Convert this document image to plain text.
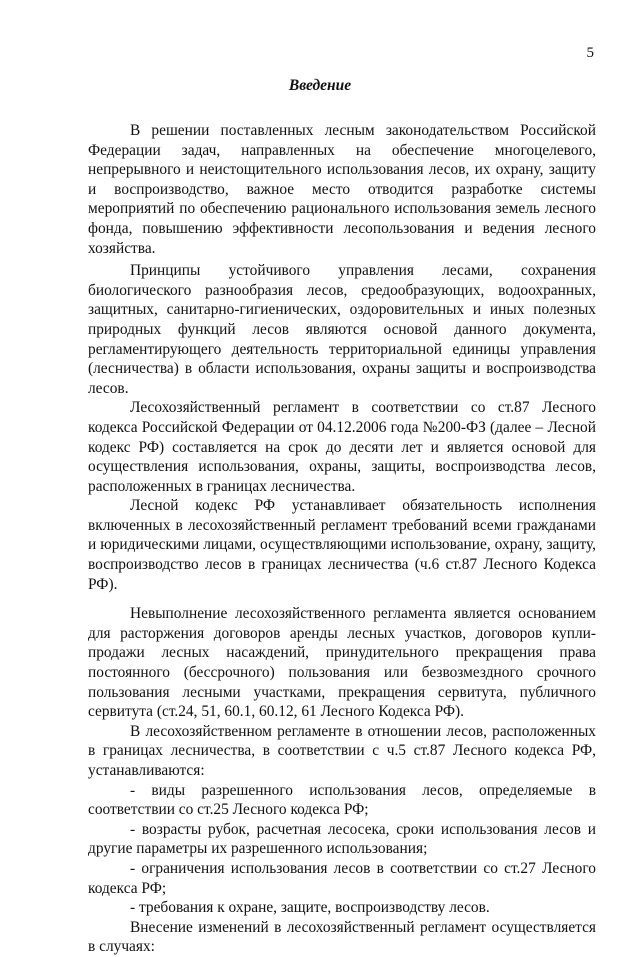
5
Введение

В решении поставленных лесным законодательством Российской Федерации задач, направленных на обеспечение многоцелевого, непрерывного и неистощительного использования лесов, их охрану, защиту и воспроизводство, важное место отводится разработке системы мероприятий по обеспечению рационального использования земель лесного фонда, повышению эффективности лесопользования и ведения лесного хозяйства.

Принципы устойчивого управления лесами, сохранения биологического разнообразия лесов, средообразующих, водоохранных, защитных, санитарно-гигиенических, оздоровительных и иных полезных природных функций лесов являются основой данного документа, регламентирующего деятельность территориальной единицы управления (лесничества) в области использования, охраны защиты и воспроизводства лесов.

Лесохозяйственный регламент в соответствии со ст.87 Лесного кодекса Российской Федерации от 04.12.2006 года №200-ФЗ (далее – Лесной кодекс РФ) составляется на срок до десяти лет и является основой для осуществления использования, охраны, защиты, воспроизводства лесов, расположенных в границах лесничества.

Лесной кодекс РФ устанавливает обязательность исполнения включенных в лесохозяйственный регламент требований всеми гражданами и юридическими лицами, осуществляющими использование, охрану, защиту, воспроизводство лесов в границах лесничества (ч.6 ст.87 Лесного Кодекса РФ).

Невыполнение лесохозяйственного регламента является основанием для расторжения договоров аренды лесных участков, договоров купли-продажи лесных насаждений, принудительного прекращения права постоянного (бессрочного) пользования или безвозмездного срочного пользования лесными участками, прекращения сервитута, публичного сервитута (ст.24, 51, 60.1, 60.12, 61 Лесного Кодекса РФ).

В лесохозяйственном регламенте в отношении лесов, расположенных в границах лесничества, в соответствии с ч.5 ст.87 Лесного кодекса РФ, устанавливаются:

- виды разрешенного использования лесов, определяемые в соответствии со ст.25 Лесного кодекса РФ;

- возрасты рубок, расчетная лесосека, сроки использования лесов и другие параметры их разрешенного использования;

- ограничения использования лесов в соответствии со ст.27 Лесного кодекса РФ;

- требования к охране, защите, воспроизводству лесов.

Внесение изменений в лесохозяйственный регламент осуществляется в случаях:
